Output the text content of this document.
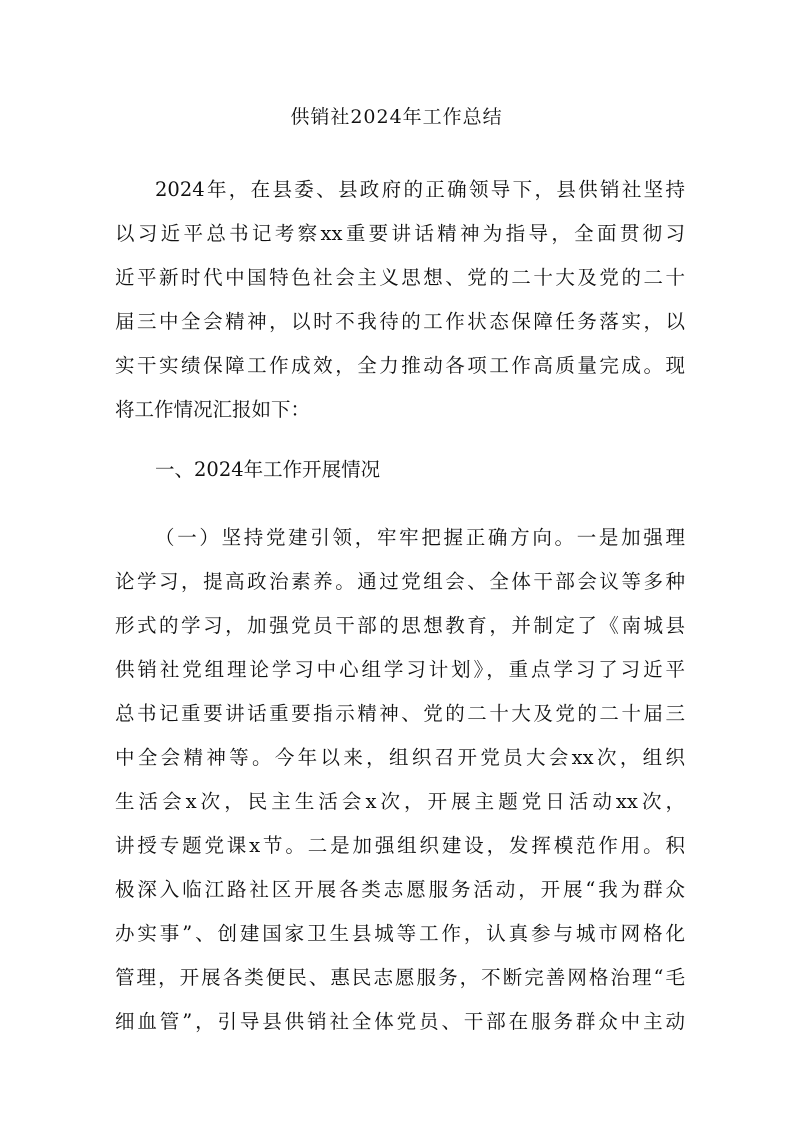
供销社2024年工作总结
2024年，在县委、县政府的正确领导下，县供销社坚持
以习近平总书记考察xx重要讲话精神为指导，全面贯彻习
近平新时代中国特色社会主义思想、党的二十大及党的二十
届三中全会精神，以时不我待的工作状态保障任务落实，以
实干实绩保障工作成效，全力推动各项工作高质量完成。现
将工作情况汇报如下：
一、2024年工作开展情况
（一）坚持党建引领，牢牢把握正确方向。一是加强理
论学习，提高政治素养。通过党组会、全体干部会议等多种
形式的学习，加强党员干部的思想教育，并制定了《南城县
供销社党组理论学习中心组学习计划》，重点学习了习近平
总书记重要讲话重要指示精神、党的二十大及党的二十届三
中全会精神等。今年以来，组织召开党员大会xx次，组织
生活会x次，民主生活会x次，开展主题党日活动xx次，
讲授专题党课x节。二是加强组织建设，发挥模范作用。积
极深入临江路社区开展各类志愿服务活动，开展“我为群众
办实事”、创建国家卫生县城等工作，认真参与城市网格化
管理，开展各类便民、惠民志愿服务，不断完善网格治理“毛
细血管”，引导县供销社全体党员、干部在服务群众中主动
